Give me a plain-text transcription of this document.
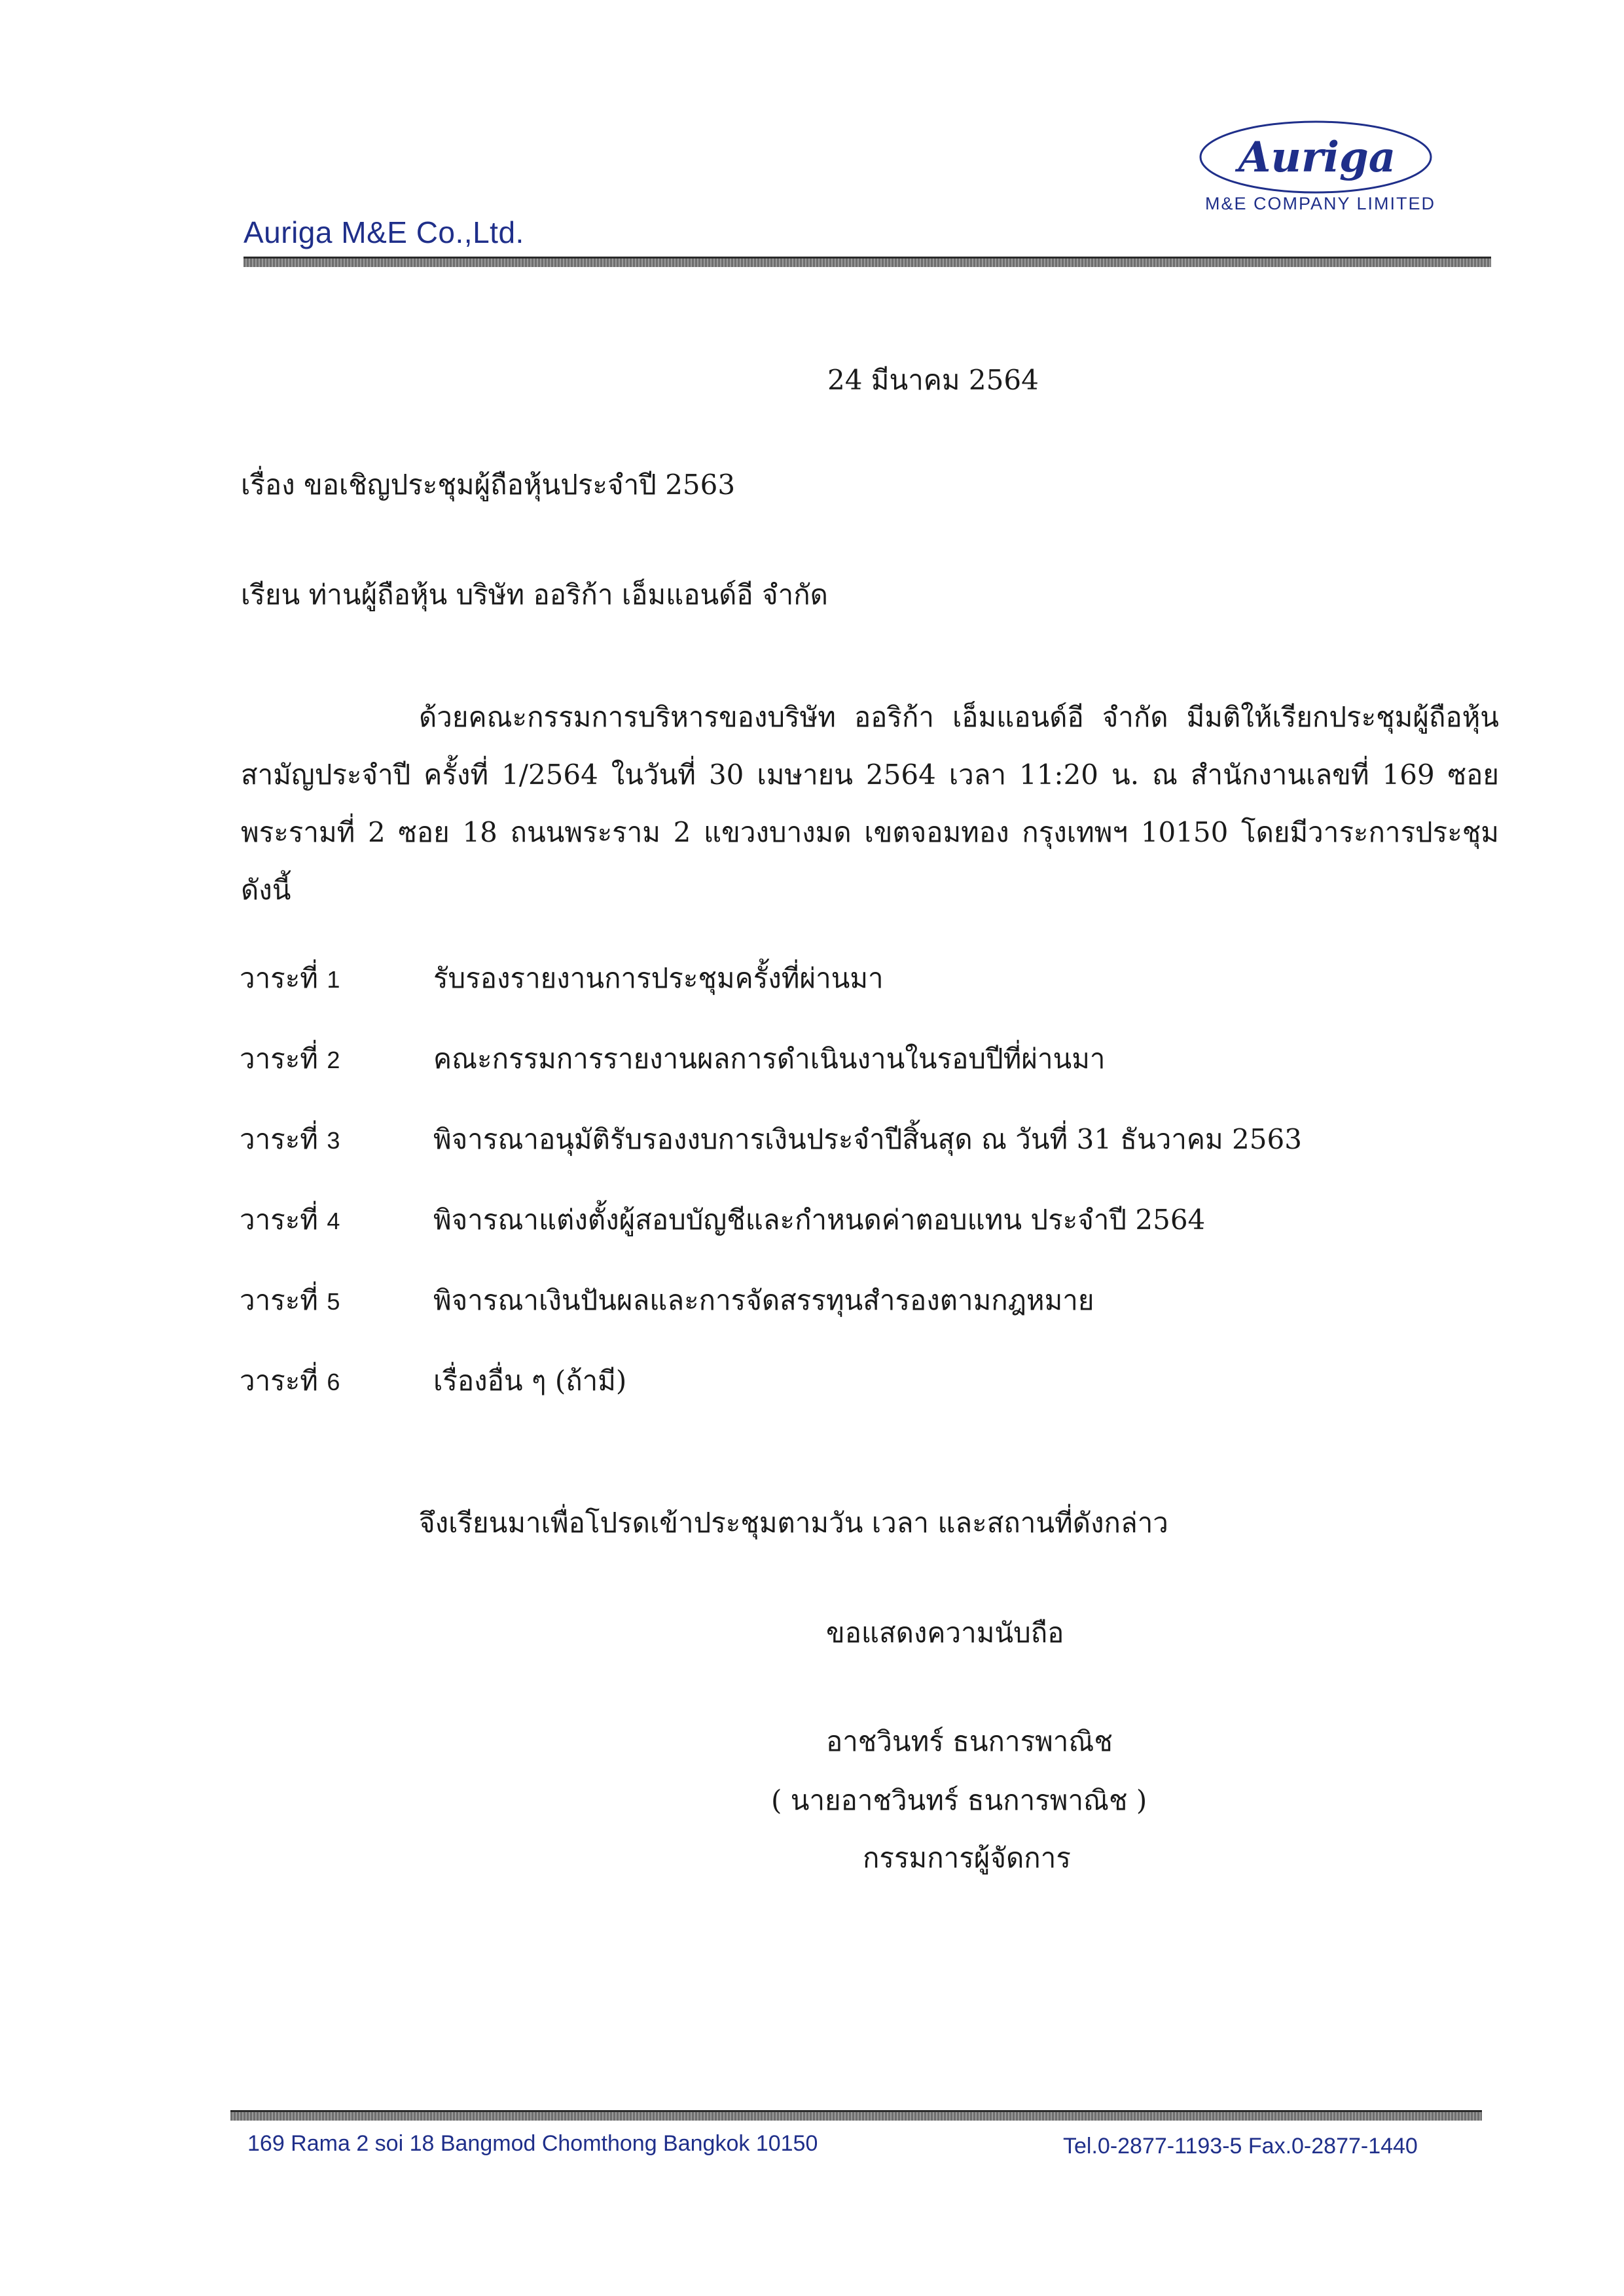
Auriga
M&E COMPANY LIMITED
Auriga M&E Co.,Ltd.
24 มีนาคม 2564
เรื่อง ขอเชิญประชุมผู้ถือหุ้นประจำปี 2563
เรียน ท่านผู้ถือหุ้น บริษัท ออริก้า เอ็มแอนด์อี จำกัด
ด้วยคณะกรรมการบริหารของบริษัท ออริก้า เอ็มแอนด์อี จำกัด มีมติให้เรียกประชุมผู้ถือหุ้นสามัญประจำปี ครั้งที่ 1/2564 ในวันที่ 30 เมษายน 2564 เวลา 11:20 น. ณ สำนักงานเลขที่ 169 ซอยพระรามที่ 2 ซอย 18 ถนนพระราม 2 แขวงบางมด เขตจอมทอง กรุงเทพฯ 10150 โดยมีวาระการประชุมดังนี้
วาระที่ 1	รับรองรายงานการประชุมครั้งที่ผ่านมา
วาระที่ 2	คณะกรรมการรายงานผลการดำเนินงานในรอบปีที่ผ่านมา
วาระที่ 3	พิจารณาอนุมัติรับรองงบการเงินประจำปีสิ้นสุด ณ วันที่ 31 ธันวาคม 2563
วาระที่ 4	พิจารณาแต่งตั้งผู้สอบบัญชีและกำหนดค่าตอบแทน ประจำปี 2564
วาระที่ 5	พิจารณาเงินปันผลและการจัดสรรทุนสำรองตามกฎหมาย
วาระที่ 6	เรื่องอื่น ๆ (ถ้ามี)
จึงเรียนมาเพื่อโปรดเข้าประชุมตามวัน เวลา และสถานที่ดังกล่าว
ขอแสดงความนับถือ
อาชวินทร์ ธนการพาณิช
( นายอาชวินทร์ ธนการพาณิช )
กรรมการผู้จัดการ
169 Rama 2 soi 18 Bangmod Chomthong Bangkok 10150	Tel.0-2877-1193-5 Fax.0-2877-1440
